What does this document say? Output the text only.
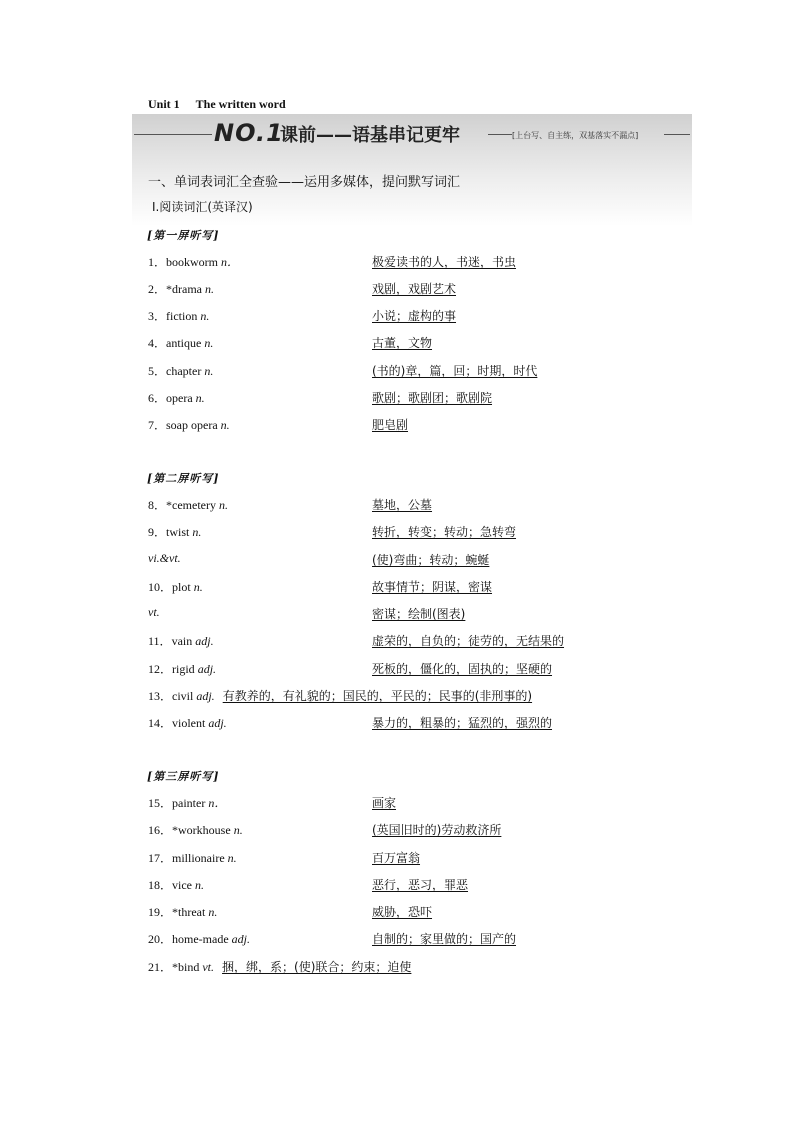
Unit 1 The written word
NO.1
课前——语基串记更牢	[上台写、自主练，双基落实不漏点]
一、单词表词汇全查验——运用多媒体，提问默写词汇
Ⅰ.阅读词汇(英译汉)
[第一屏听写]
[第二屏听写]
[第三屏听写]
1．bookworm n．	极爱读书的人，书迷，书虫
2．*drama n.	戏剧，戏剧艺术
3．fiction n.	小说；虚构的事
4．antique n.	古董，文物
5．chapter n.	(书的)章，篇，回；时期，时代
6．opera n.	歌剧；歌剧团；歌剧院
7．soap opera n.	肥皂剧
8．*cemetery n.	墓地，公墓
9．twist n.	转折，转变；转动；急转弯
vi.&vt.	(使)弯曲；转动；蜿蜒
10．plot n.	故事情节；阴谋，密谋
vt.	密谋；绘制(图表)
11．vain adj.	虚荣的，自负的；徒劳的，无结果的
12．rigid adj.	死板的，僵化的，固执的；坚硬的
13．civil adj. 有教养的，有礼貌的；国民的，平民的；民事的(非刑事的)
14．violent adj.	暴力的，粗暴的；猛烈的，强烈的
15．painter n．	画家
16．*workhouse n.	(英国旧时的)劳动救济所
17．millionaire n.	百万富翁
18．vice n.	恶行，恶习，罪恶
19．*threat n.	威胁，恐吓
20．home-made adj.	自制的；家里做的；国产的
21．*bind vt. 捆，绑，系；(使)联合；约束；迫使
